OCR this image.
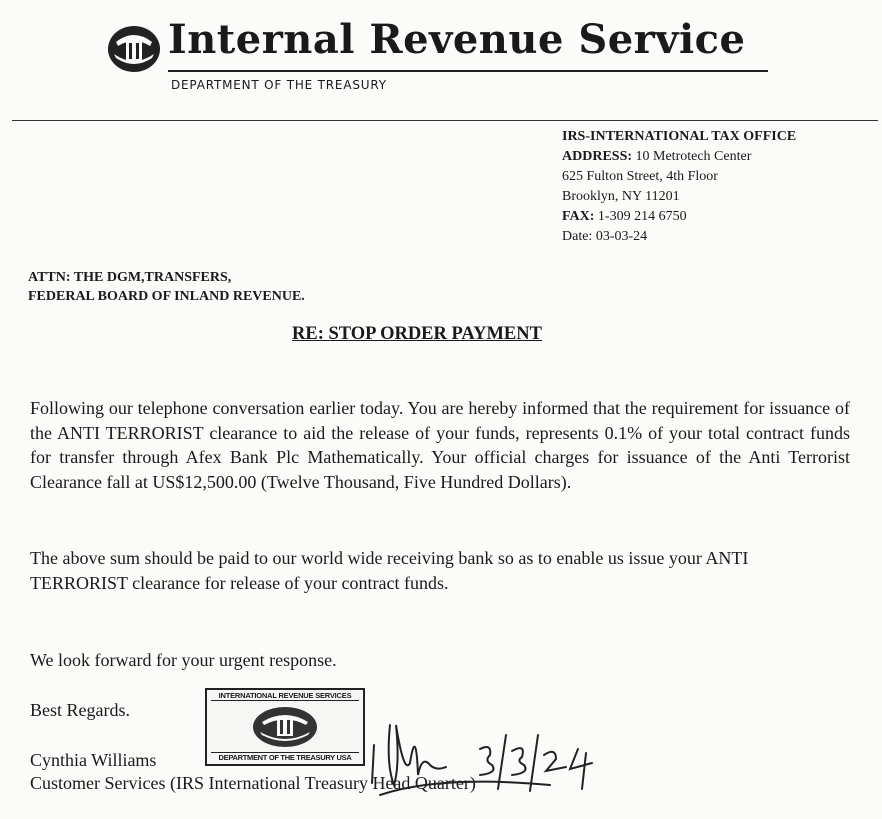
Internal Revenue Service
DEPARTMENT OF THE TREASURY
IRS-INTERNATIONAL TAX OFFICE
ADDRESS: 10 Metrotech Center
625 Fulton Street, 4th Floor
Brooklyn, NY 11201
FAX: 1-309 214 6750
Date: 03-03-24
ATTN: THE DGM,TRANSFERS,
FEDERAL BOARD OF INLAND REVENUE.
RE: STOP ORDER PAYMENT
Following our telephone conversation earlier today. You are hereby informed that the requirement for issuance of the ANTI TERRORIST clearance to aid the release of your funds, represents 0.1% of your total contract funds for transfer through Afex Bank Plc Mathematically. Your official charges for issuance of the Anti Terrorist Clearance fall at US$12,500.00 (Twelve Thousand, Five Hundred Dollars).
The above sum should be paid to our world wide receiving bank so as to enable us issue your ANTI TERRORIST clearance for release of your contract funds.
We look forward for your urgent response.
Best Regards.
INTERNATIONAL REVENUE SERVICES
DEPARTMENT OF THE TREASURY USA
Cynthia Williams
Customer Services (IRS International Treasury Head Quarter)
